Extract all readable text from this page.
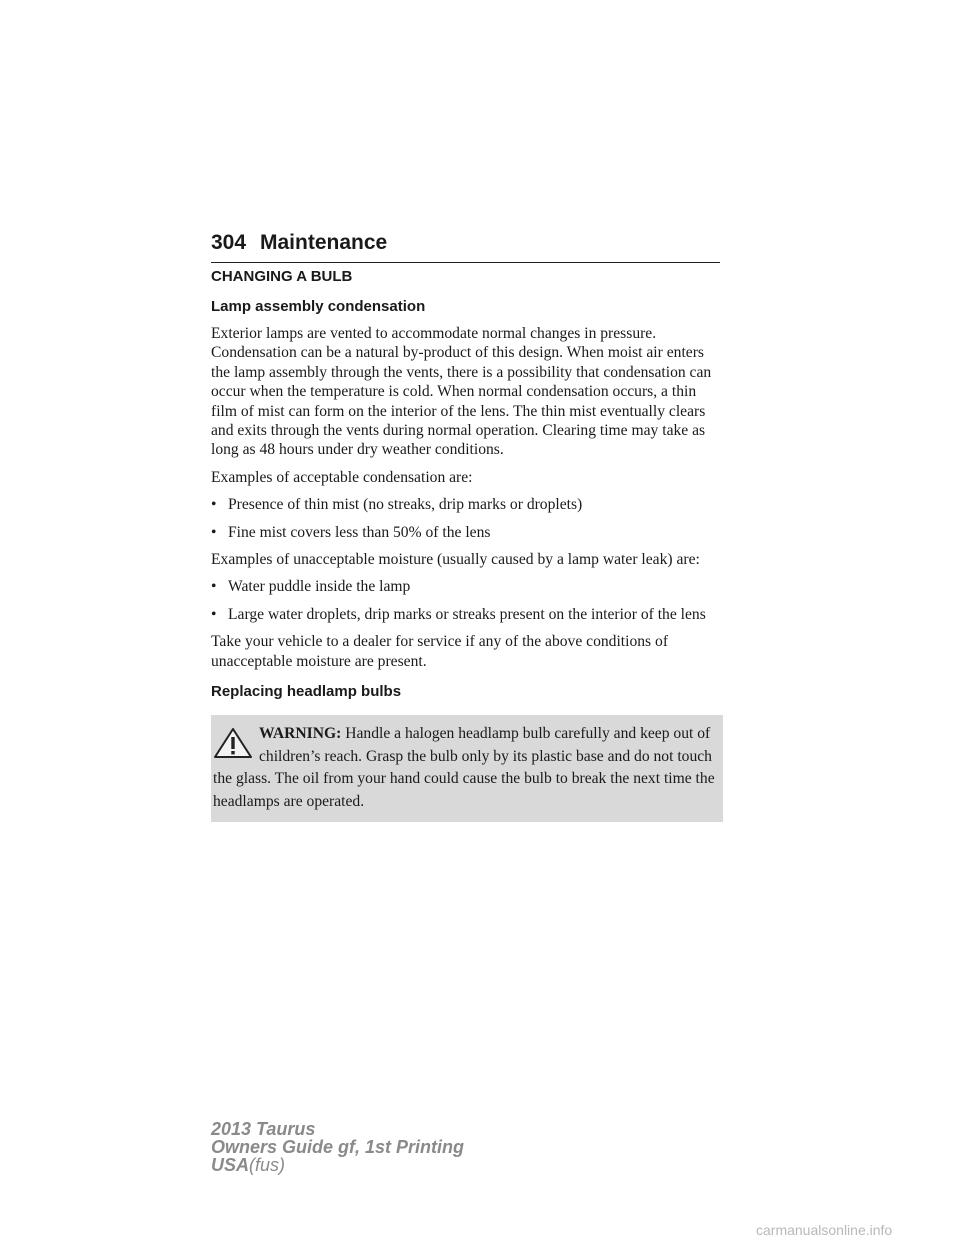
304 Maintenance
CHANGING A BULB
Lamp assembly condensation

Exterior lamps are vented to accommodate normal changes in pressure. Condensation can be a natural by-product of this design. When moist air enters the lamp assembly through the vents, there is a possibility that condensation can occur when the temperature is cold. When normal condensation occurs, a thin film of mist can form on the interior of the lens. The thin mist eventually clears and exits through the vents during normal operation. Clearing time may take as long as 48 hours under dry weather conditions.

Examples of acceptable condensation are:

• Presence of thin mist (no streaks, drip marks or droplets)
• Fine mist covers less than 50% of the lens

Examples of unacceptable moisture (usually caused by a lamp water leak) are:

• Water puddle inside the lamp
• Large water droplets, drip marks or streaks present on the interior of the lens

Take your vehicle to a dealer for service if any of the above conditions of unacceptable moisture are present.

Replacing headlamp bulbs
WARNING: Handle a halogen headlamp bulb carefully and keep out of children’s reach. Grasp the bulb only by its plastic base and do not touch the glass. The oil from your hand could cause the bulb to break the next time the headlamps are operated.
2013 Taurus
Owners Guide gf, 1st Printing
USA(fus)
carmanualsonline.info
